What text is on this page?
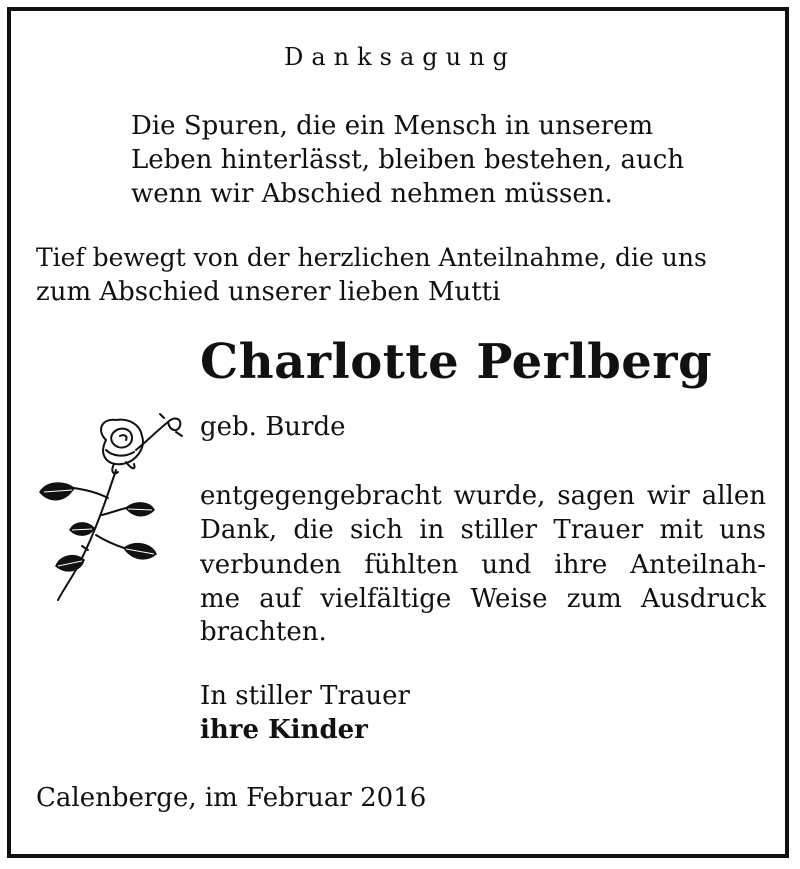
Danksagung
Die Spuren, die ein Mensch in unserem
Leben hinterlässt, bleiben bestehen, auch
wenn wir Abschied nehmen müssen.
Tief bewegt von der herzlichen Anteilnahme, die uns
zum Abschied unserer lieben Mutti
Charlotte Perlberg
geb. Burde
entgegengebracht wurde, sagen wir allen
Dank, die sich in stiller Trauer mit uns
verbunden fühlten und ihre Anteilnah-
me auf vielfältige Weise zum Ausdruck
brachten.
In stiller Trauer
ihre Kinder
Calenberge, im Februar 2016
